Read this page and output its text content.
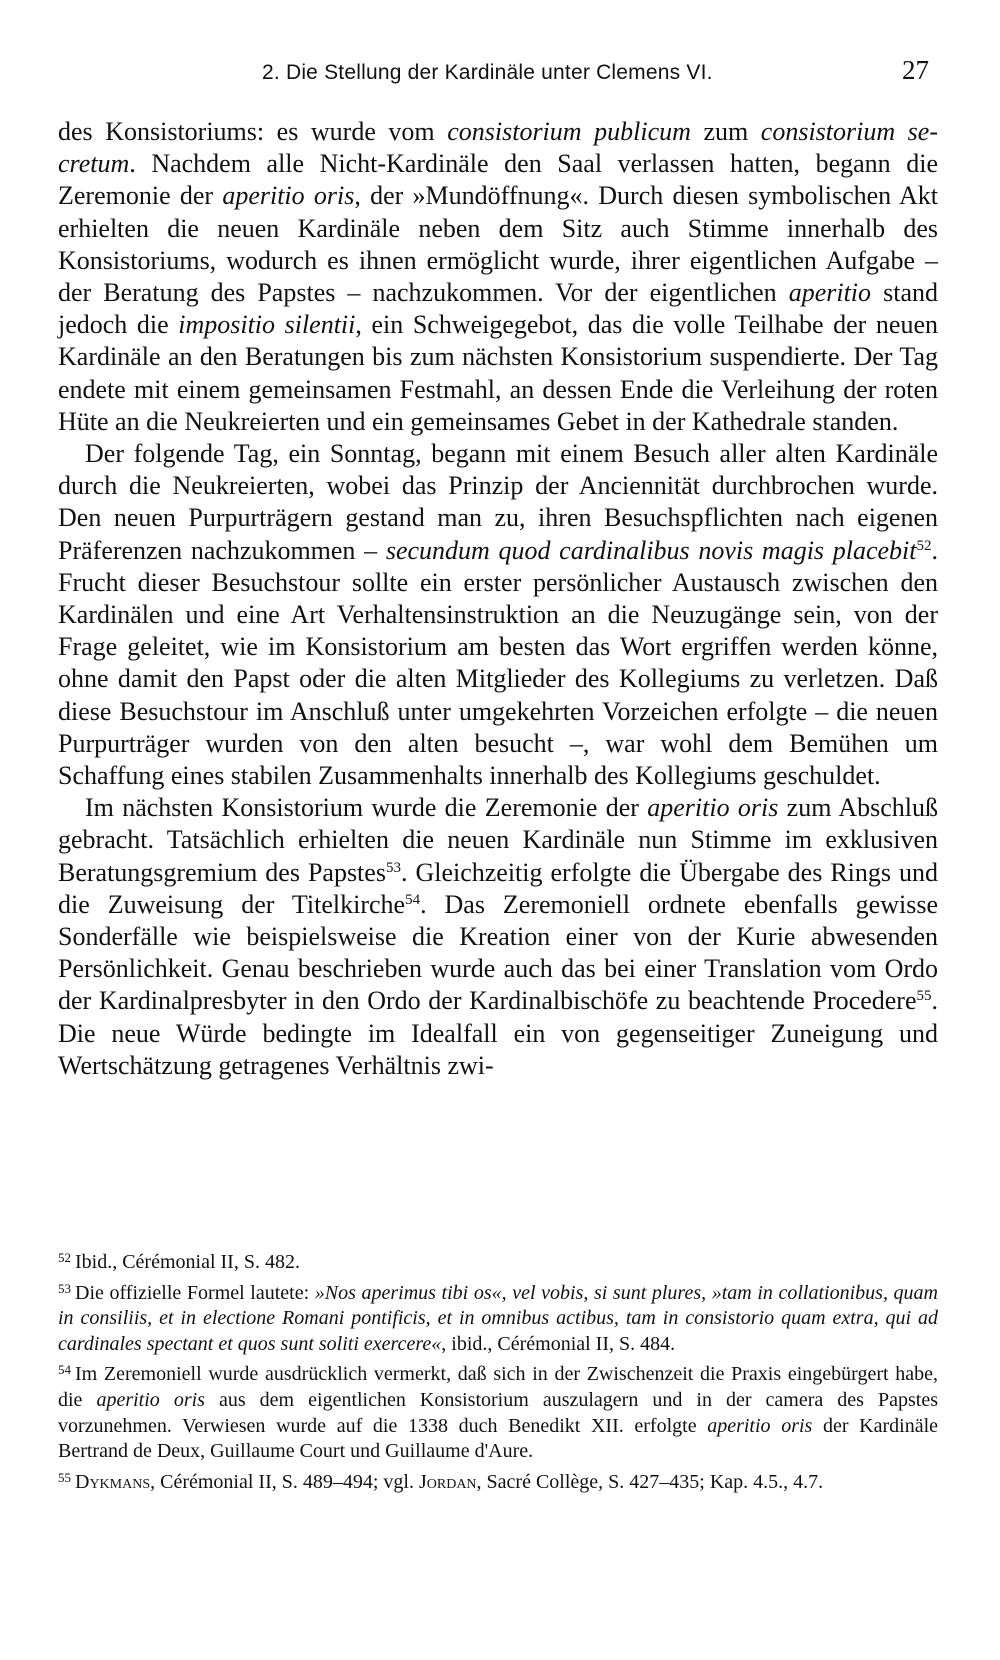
2. Die Stellung der Kardinäle unter Clemens VI.	27

des Konsistoriums: es wurde vom consistorium publicum zum consistorium secretum. Nachdem alle Nicht-Kardinäle den Saal verlassen hatten, begann die Zeremonie der aperitio oris, der »Mundöffnung«. Durch diesen symbolischen Akt erhielten die neuen Kardinäle neben dem Sitz auch Stimme innerhalb des Konsistoriums, wodurch es ihnen ermöglicht wurde, ihrer eigentlichen Aufgabe – der Beratung des Papstes – nachzukommen. Vor der eigentlichen aperitio stand jedoch die impositio silentii, ein Schweigegebot, das die volle Teilhabe der neuen Kardinäle an den Beratungen bis zum nächsten Konsistorium suspendierte. Der Tag endete mit einem gemeinsamen Festmahl, an dessen Ende die Verleihung der roten Hüte an die Neukreierten und ein gemeinsames Gebet in der Kathedrale standen.

Der folgende Tag, ein Sonntag, begann mit einem Besuch aller alten Kardinäle durch die Neukreierten, wobei das Prinzip der Anciennität durchbrochen wurde. Den neuen Purpurträgern gestand man zu, ihren Besuchspflichten nach eigenen Präferenzen nachzukommen – secundum quod cardinalibus novis magis placebit$^{52}$. Frucht dieser Besuchstour sollte ein erster persönlicher Austausch zwischen den Kardinälen und eine Art Verhaltensinstruktion an die Neuzugänge sein, von der Frage geleitet, wie im Konsistorium am besten das Wort ergriffen werden könne, ohne damit den Papst oder die alten Mitglieder des Kollegiums zu verletzen. Daß diese Besuchstour im Anschluß unter umgekehrten Vorzeichen erfolgte – die neuen Purpurträger wurden von den alten besucht –, war wohl dem Bemühen um Schaffung eines stabilen Zusammenhalts innerhalb des Kollegiums geschuldet.

Im nächsten Konsistorium wurde die Zeremonie der aperitio oris zum Abschluß gebracht. Tatsächlich erhielten die neuen Kardinäle nun Stimme im exklusiven Beratungsgremium des Papstes$^{53}$. Gleichzeitig erfolgte die Übergabe des Rings und die Zuweisung der Titelkirche$^{54}$. Das Zeremoniell ordnete ebenfalls gewisse Sonderfälle wie beispielsweise die Kreation einer von der Kurie abwesenden Persönlichkeit. Genau beschrieben wurde auch das bei einer Translation vom Ordo der Kardinalpresbyter in den Ordo der Kardinalbischöfe zu beachtende Procedere$^{55}$. Die neue Würde bedingte im Idealfall ein von gegenseitiger Zuneigung und Wertschätzung getragenes Verhältnis zwi-

$^{52}$ Ibid., Cérémonial II, S. 482.

$^{53}$ Die offizielle Formel lautete: »Nos aperimus tibi os«, vel vobis, si sunt plures, »tam in collationibus, quam in consiliis, et in electione Romani pontificis, et in omnibus actibus, tam in consistorio quam extra, qui ad cardinales spectant et quos sunt soliti exercere«, ibid., Cérémonial II, S. 484.

$^{54}$ Im Zeremoniell wurde ausdrücklich vermerkt, daß sich in der Zwischenzeit die Praxis eingebürgert habe, die aperitio oris aus dem eigentlichen Konsistorium auszulagern und in der camera des Papstes vorzunehmen. Verwiesen wurde auf die 1338 duch Benedikt XII. erfolgte aperitio oris der Kardinäle Bertrand de Deux, Guillaume Court und Guillaume d'Aure.

$^{55}$ Dykmans, Cérémonial II, S. 489–494; vgl. Jordan, Sacré Collège, S. 427–435; Kap. 4.5., 4.7.
